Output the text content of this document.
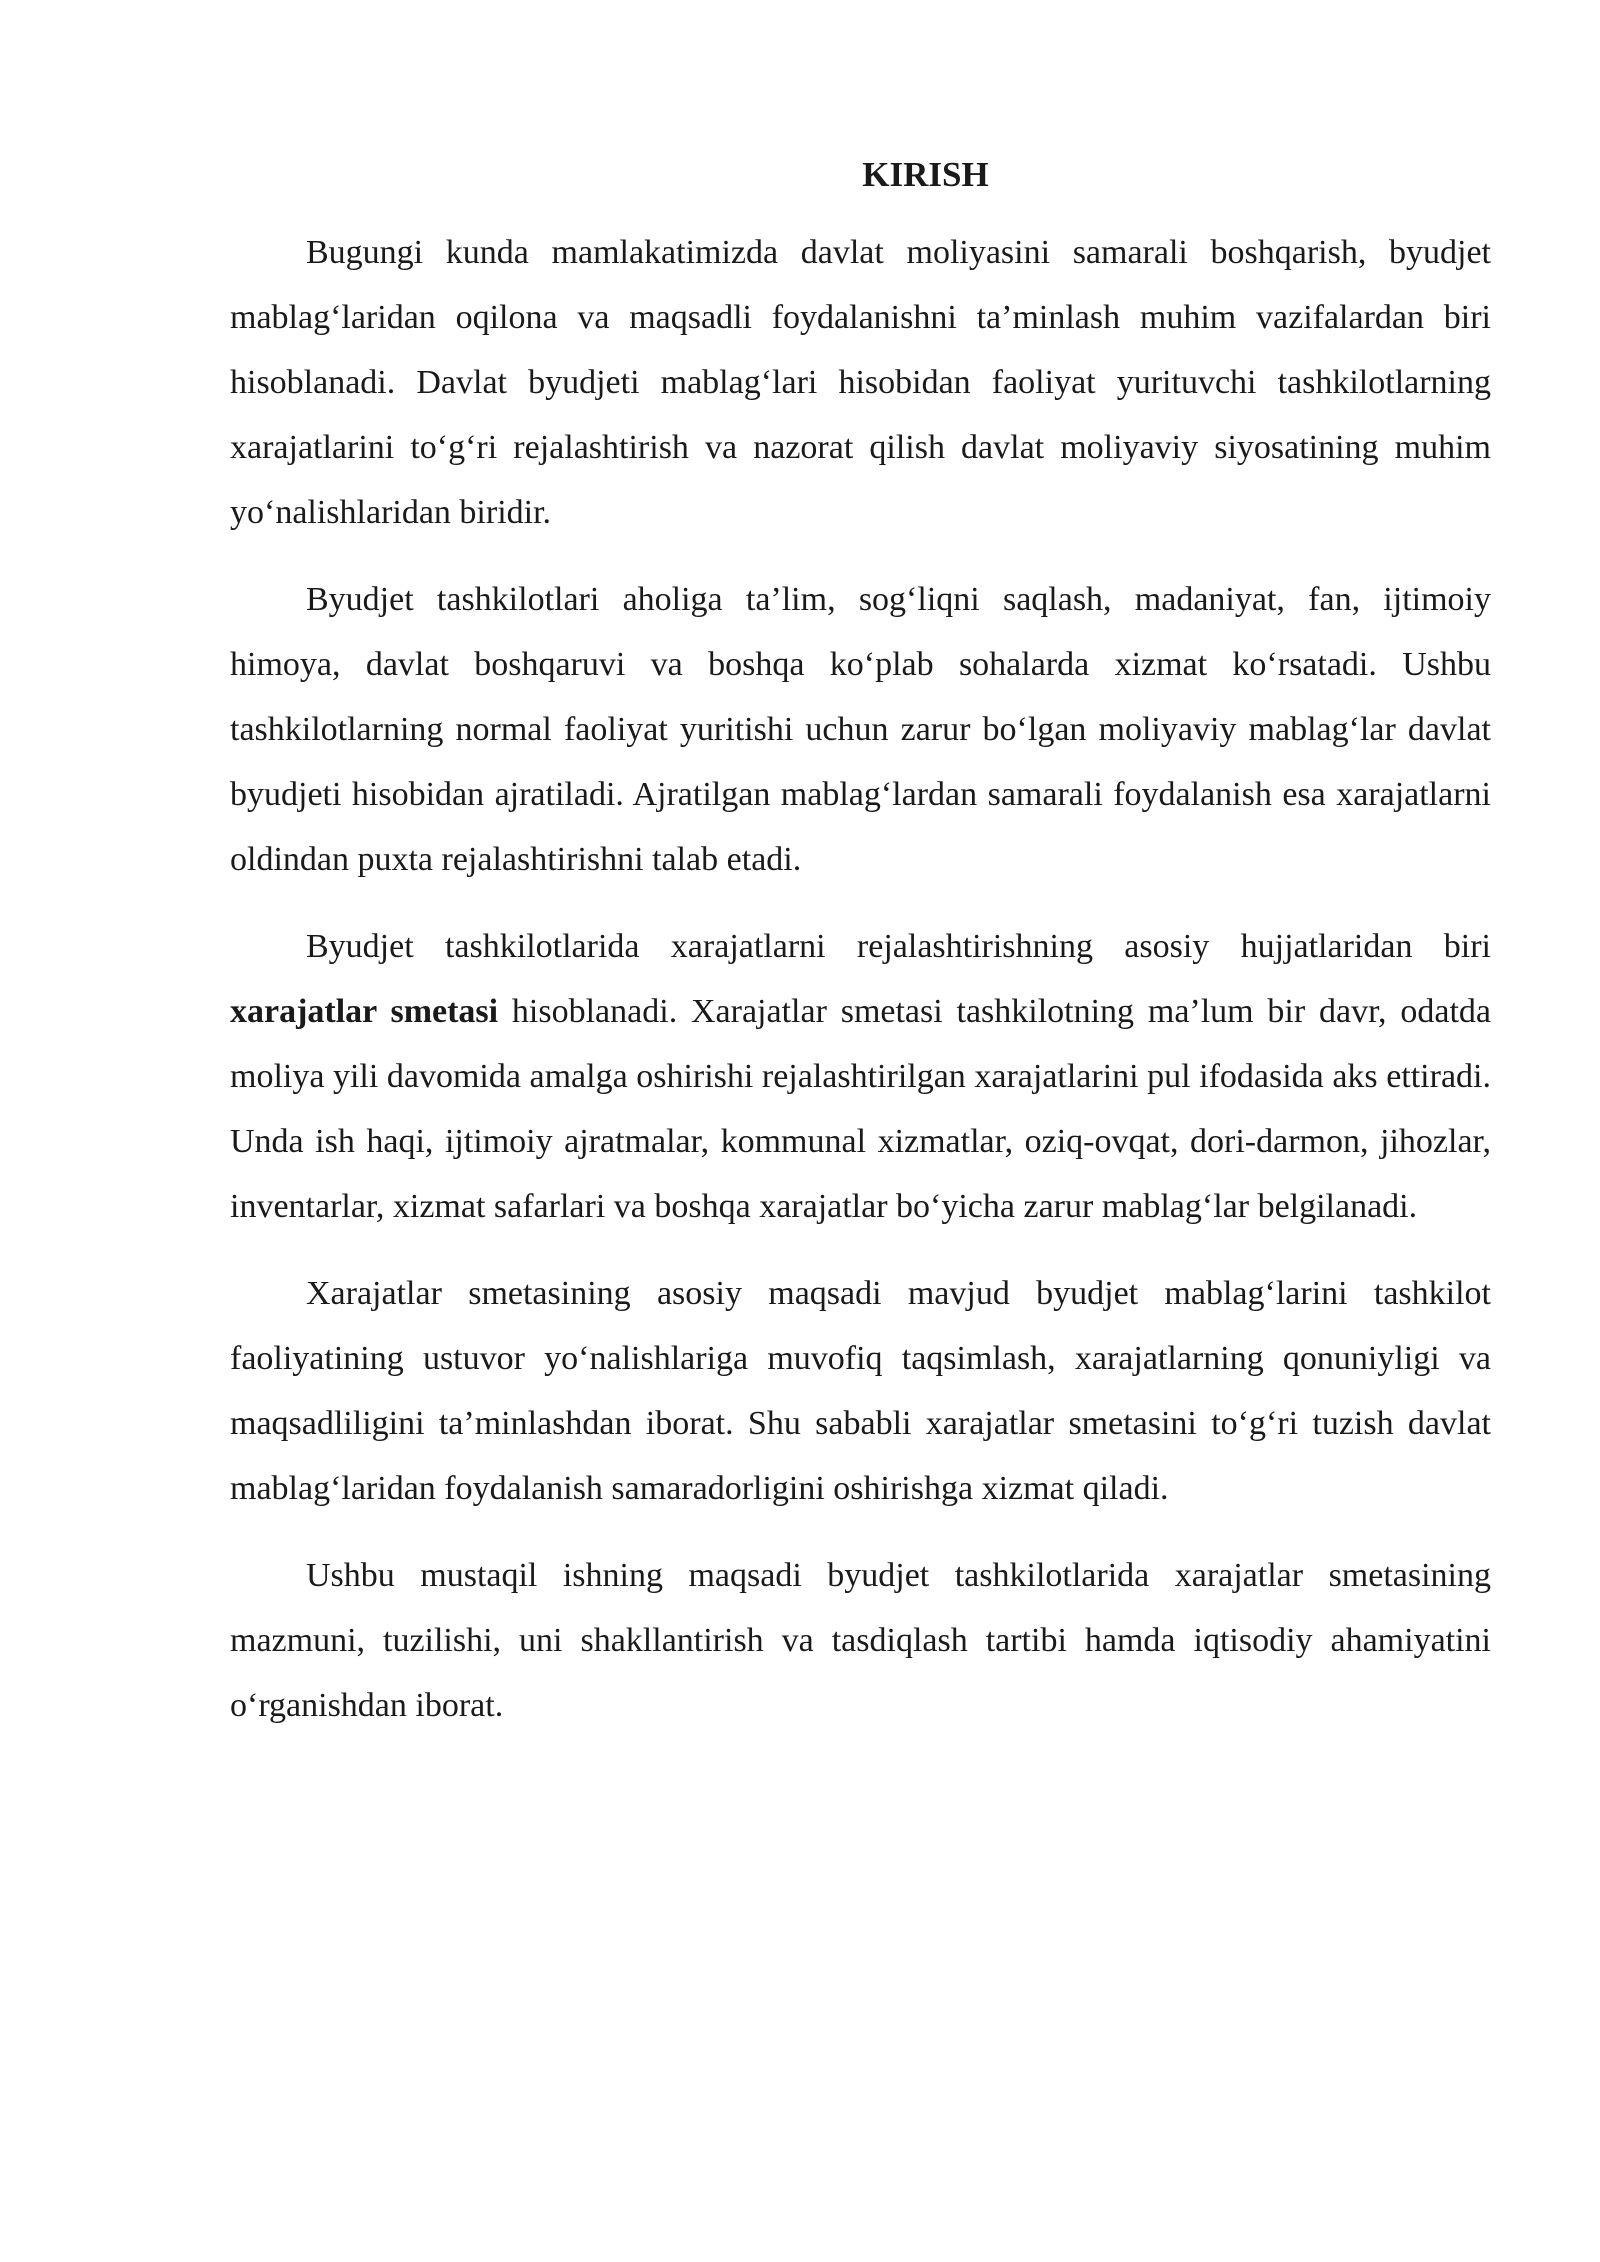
KIRISH

Bugungi kunda mamlakatimizda davlat moliyasini samarali boshqarish, byudjet mablag‘laridan oqilona va maqsadli foydalanishni ta’minlash muhim vazifalardan biri hisoblanadi. Davlat byudjeti mablag‘lari hisobidan faoliyat yurituvchi tashkilotlarning xarajatlarini to‘g‘ri rejalashtirish va nazorat qilish davlat moliyaviy siyosatining muhim yo‘nalishlaridan biridir.

Byudjet tashkilotlari aholiga ta’lim, sog‘liqni saqlash, madaniyat, fan, ijtimoiy himoya, davlat boshqaruvi va boshqa ko‘plab sohalarda xizmat ko‘rsatadi. Ushbu tashkilotlarning normal faoliyat yuritishi uchun zarur bo‘lgan moliyaviy mablag‘lar davlat byudjeti hisobidan ajratiladi. Ajratilgan mablag‘lardan samarali foydalanish esa xarajatlarni oldindan puxta rejalashtirishni talab etadi.

Byudjet tashkilotlarida xarajatlarni rejalashtirishning asosiy hujjatlaridan biri xarajatlar smetasi hisoblanadi. Xarajatlar smetasi tashkilotning ma’lum bir davr, odatda moliya yili davomida amalga oshirishi rejalashtirilgan xarajatlarini pul ifodasida aks ettiradi. Unda ish haqi, ijtimoiy ajratmalar, kommunal xizmatlar, oziq-ovqat, dori-darmon, jihozlar, inventarlar, xizmat safarlari va boshqa xarajatlar bo‘yicha zarur mablag‘lar belgilanadi.

Xarajatlar smetasining asosiy maqsadi mavjud byudjet mablag‘larini tashkilot faoliyatining ustuvor yo‘nalishlariga muvofiq taqsimlash, xarajatlarning qonuniyligi va maqsadliligini ta’minlashdan iborat. Shu sababli xarajatlar smetasini to‘g‘ri tuzish davlat mablag‘laridan foydalanish samaradorligini oshirishga xizmat qiladi.

Ushbu mustaqil ishning maqsadi byudjet tashkilotlarida xarajatlar smetasining mazmuni, tuzilishi, uni shakllantirish va tasdiqlash tartibi hamda iqtisodiy ahamiyatini o‘rganishdan iborat.
